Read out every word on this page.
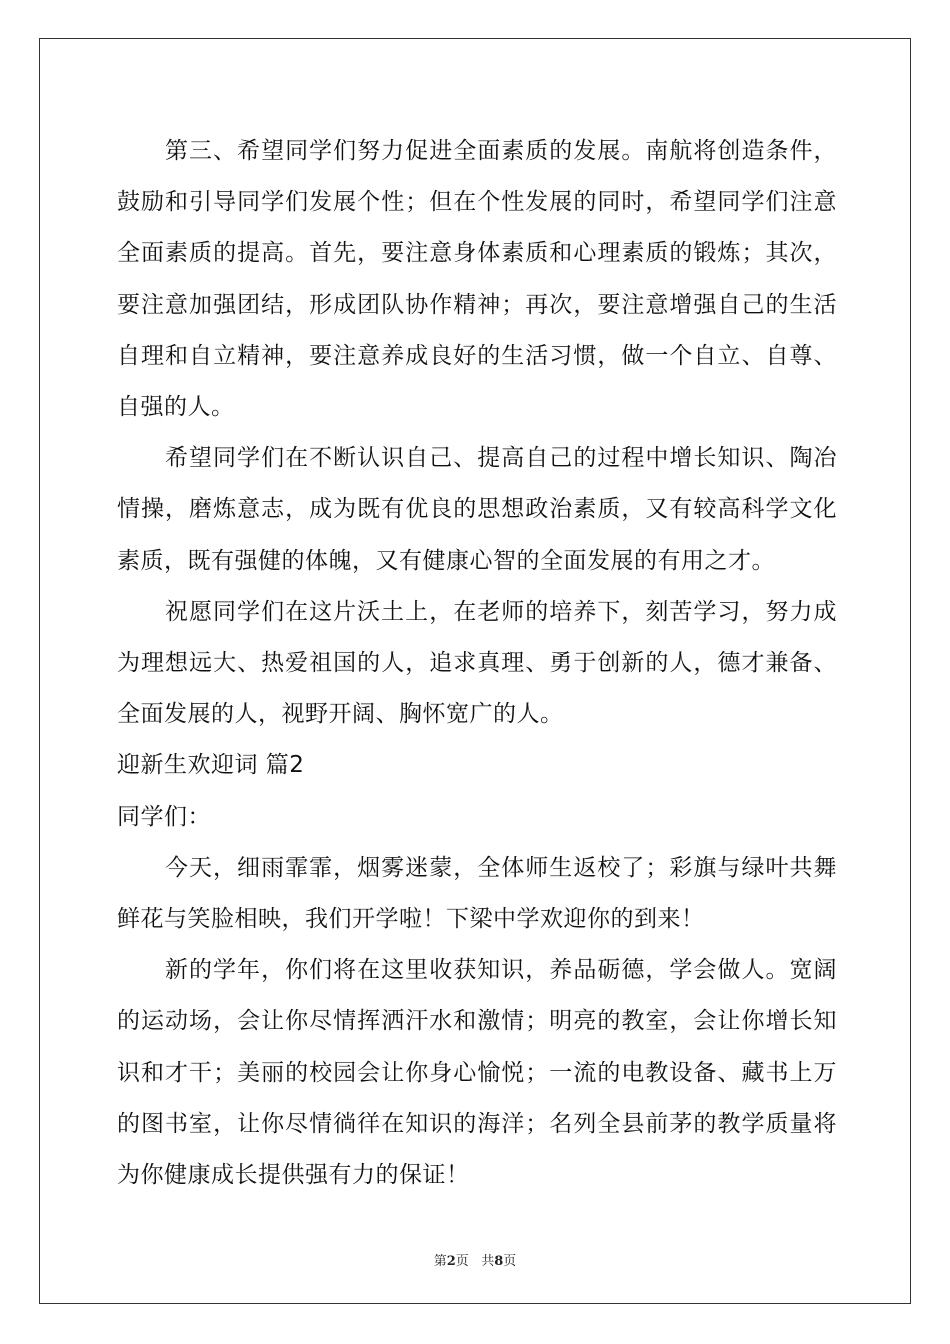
第三、希望同学们努力促进全面素质的发展。南航将创造条件，鼓励和引导同学们发展个性；但在个性发展的同时，希望同学们注意全面素质的提高。首先，要注意身体素质和心理素质的锻炼；其次，要注意加强团结，形成团队协作精神；再次，要注意增强自己的生活自理和自立精神，要注意养成良好的生活习惯，做一个自立、自尊、自强的人。

希望同学们在不断认识自己、提高自己的过程中增长知识、陶冶情操，磨炼意志，成为既有优良的思想政治素质，又有较高科学文化素质，既有强健的体魄，又有健康心智的全面发展的有用之才。

祝愿同学们在这片沃土上，在老师的培养下，刻苦学习，努力成为理想远大、热爱祖国的人，追求真理、勇于创新的人，德才兼备、全面发展的人，视野开阔、胸怀宽广的人。

迎新生欢迎词 篇2

同学们：

今天，细雨霏霏，烟雾迷蒙，全体师生返校了；彩旗与绿叶共舞鲜花与笑脸相映，我们开学啦！下梁中学欢迎你的到来！

新的学年，你们将在这里收获知识，养品砺德，学会做人。宽阔的运动场，会让你尽情挥洒汗水和激情；明亮的教室，会让你增长知识和才干；美丽的校园会让你身心愉悦；一流的电教设备、藏书上万的图书室，让你尽情徜徉在知识的海洋；名列全县前茅的教学质量将为你健康成长提供强有力的保证！

第2页 共8页
